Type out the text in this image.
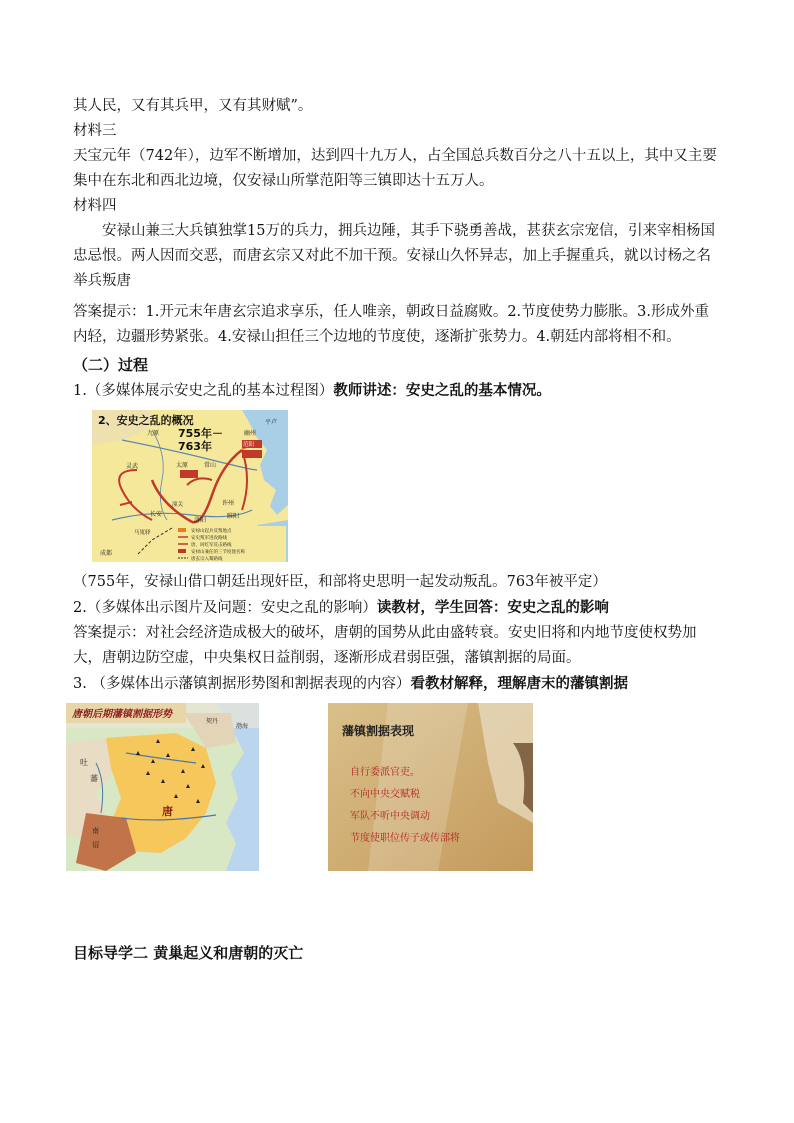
其人民，又有其兵甲，又有其财赋”。

材料三

天宝元年（742年），边军不断增加，达到四十九万人，占全国总兵数百分之八十五以上，其中又主要集中在东北和西北边境，仅安禄山所掌范阳等三镇即达十五万人。

材料四

安禄山兼三大兵镇独掌15万的兵力，拥兵边陲，其手下骁勇善战，甚获玄宗宠信，引来宰相杨国忠忌恨。两人因而交恶，而唐玄宗又对此不加干预。安禄山久怀异志，加上手握重兵，就以讨杨之名举兵叛唐

答案提示：1.开元末年唐玄宗追求享乐，任人唯亲，朝政日益腐败。2.节度使势力膨胀。3.形成外重内轻，边疆形势紧张。4.安禄山担任三个边地的节度使，逐渐扩张势力。4.朝廷内部将相不和。

（二）过程

1.（多媒体展示安史之乱的基本过程图）教师讲述：安史之乱的基本情况。

2、安史之乱的概况
755年－
763年
九原
灵武	太原	常山
洛阳
长安
马嵬驿
成都
睢阳
许州
范阳
平卢
幽州
潼关
安禄山起兵反叛地点
安史叛军进攻路线
唐、回纥军反击路线
安禄山兼任的三节度使名称
唐玄宗入蜀路线

（755年，安禄山借口朝廷出现奸臣，和部将史思明一起发动叛乱。763年被平定）

2.（多媒体出示图片及问题：安史之乱的影响）读教材，学生回答：安史之乱的影响

答案提示：对社会经济造成极大的破坏，唐朝的国势从此由盛转衰。安史旧将和内地节度使权势加大，唐朝边防空虚，中央集权日益削弱，逐渐形成君弱臣强，藩镇割据的局面。

3. （多媒体出示藩镇割据形势图和割据表现的内容）看教材解释，理解唐末的藩镇割据

唐朝后期藩镇割据形势
吐
蕃
南
诏
唐
契丹
渤海	藩镇割据表现
自行委派官吏。
不向中央交赋税
军队不听中央调动
节度使职位传子或传部将

目标导学二 黄巢起义和唐朝的灭亡
